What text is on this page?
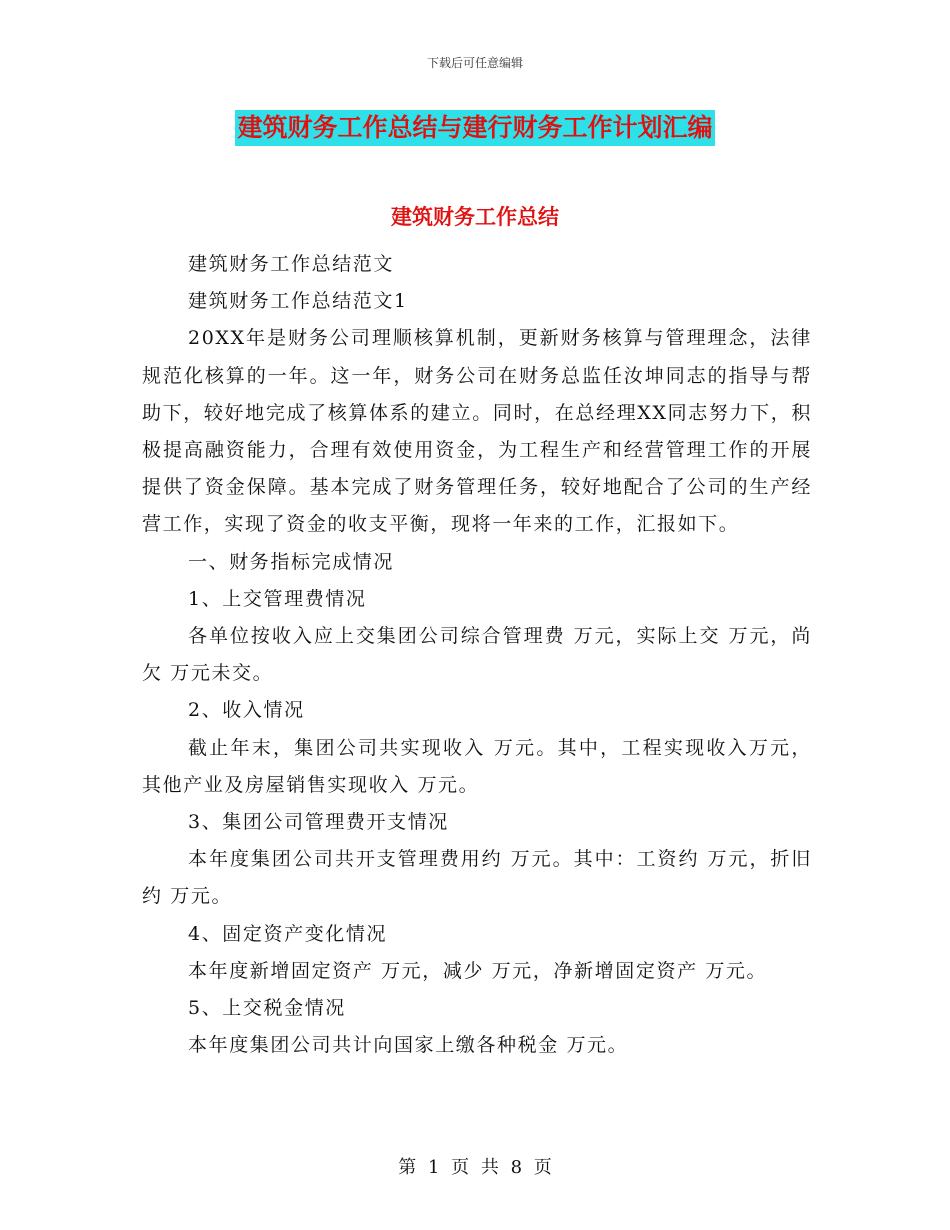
下载后可任意编辑
建筑财务工作总结与建行财务工作计划汇编
建筑财务工作总结

建筑财务工作总结范文

建筑财务工作总结范文1

20XX年是财务公司理顺核算机制，更新财务核算与管理理念，法律规范化核算的一年。这一年，财务公司在财务总监任汝坤同志的指导与帮助下，较好地完成了核算体系的建立。同时，在总经理XX同志努力下，积极提高融资能力，合理有效使用资金，为工程生产和经营管理工作的开展提供了资金保障。基本完成了财务管理任务，较好地配合了公司的生产经营工作，实现了资金的收支平衡，现将一年来的工作，汇报如下。

一、财务指标完成情况

1、上交管理费情况

各单位按收入应上交集团公司综合管理费 万元，实际上交 万元，尚欠 万元未交。

2、收入情况

截止年末，集团公司共实现收入 万元。其中，工程实现收入万元，其他产业及房屋销售实现收入 万元。

3、集团公司管理费开支情况

本年度集团公司共开支管理费用约 万元。其中：工资约 万元，折旧约 万元。

4、固定资产变化情况

本年度新增固定资产 万元，减少 万元，净新增固定资产 万元。

5、上交税金情况

本年度集团公司共计向国家上缴各种税金 万元。

第 1 页 共 8 页
